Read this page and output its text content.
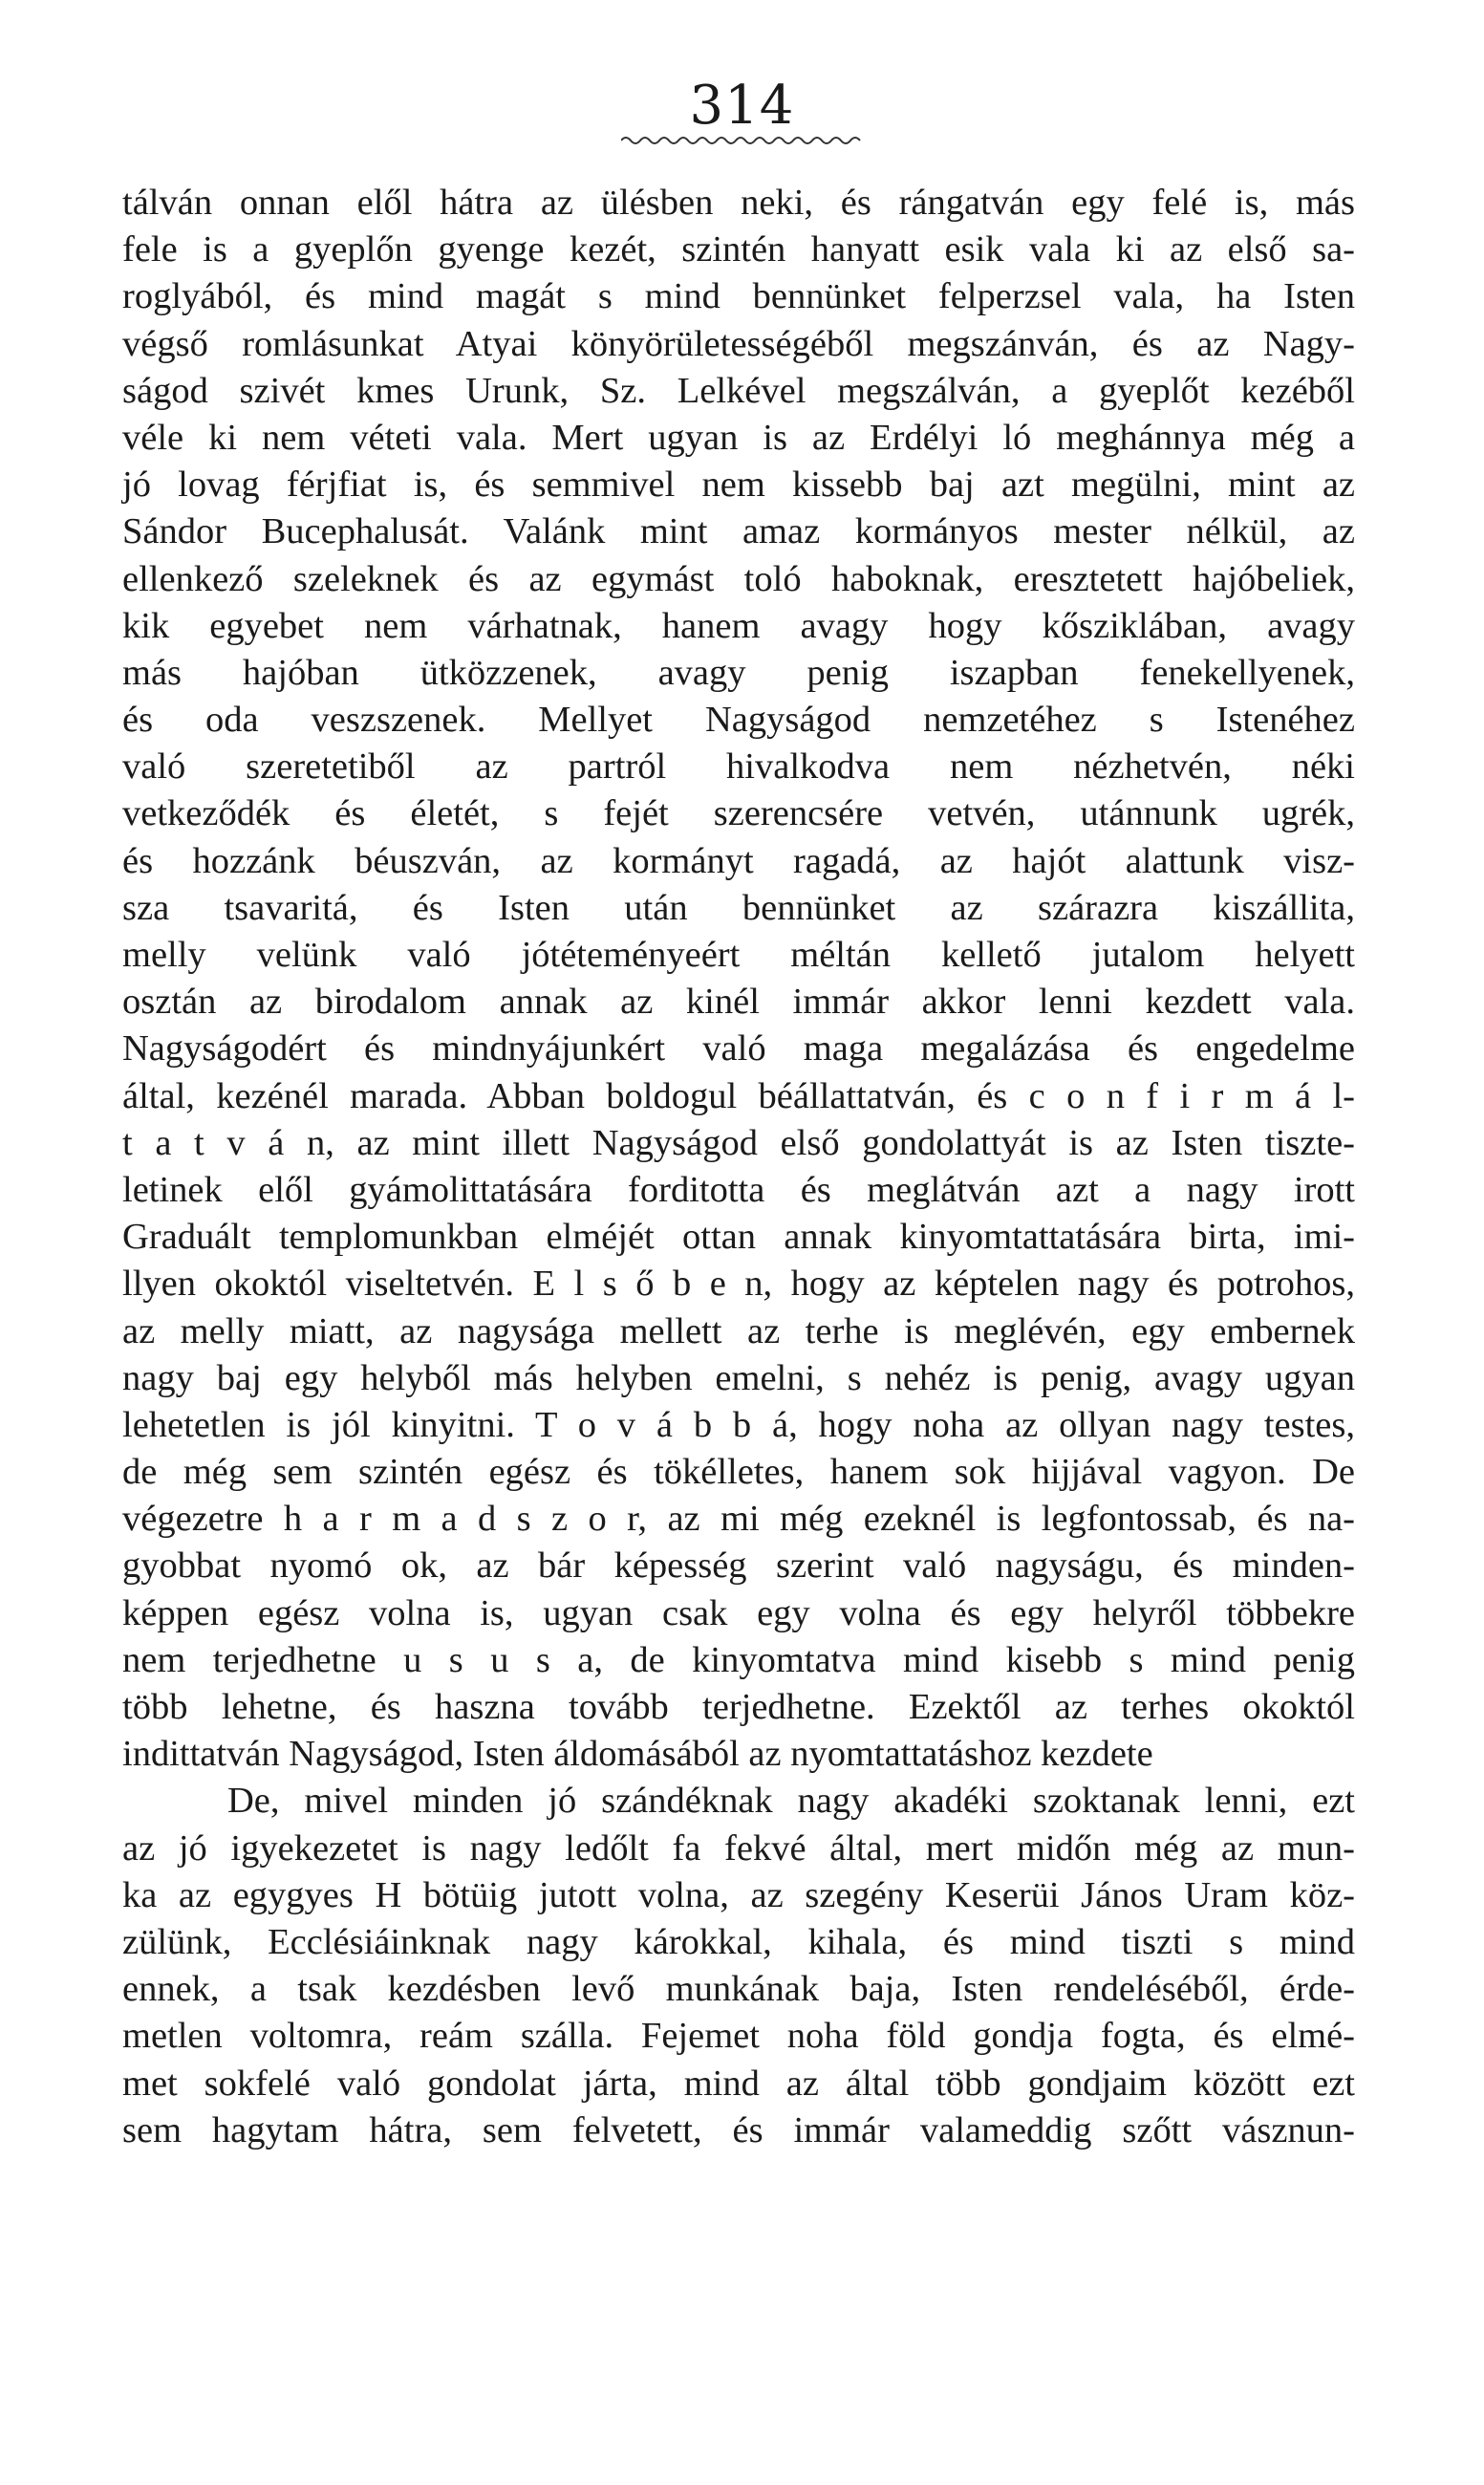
314
tálván onnan elől hátra az ülésben neki, és rángatván egy felé is, más
fele is a gyeplőn gyenge kezét, szintén hanyatt esik vala ki az első sa-
roglyából, és mind magát s mind bennünket felperzsel vala, ha Isten
végső romlásunkat Atyai könyörületességéből megszánván, és az Nagy-
ságod szivét kmes Urunk, Sz. Lelkével megszálván, a gyeplőt kezéből
véle ki nem véteti vala. Mert ugyan is az Erdélyi ló meghánnya még a
jó lovag férjfiat is, és semmivel nem kissebb baj azt megülni, mint az
Sándor Bucephalusát. Valánk mint amaz kormányos mester nélkül, az
ellenkező szeleknek és az egymást toló haboknak, eresztetett hajóbeliek,
kik egyebet nem várhatnak, hanem avagy hogy kősziklában, avagy
más hajóban ütközzenek, avagy penig iszapban fenekellyenek,
és oda veszszenek. Mellyet Nagyságod nemzetéhez s Istenéhez
való szeretetiből az partról hivalkodva nem nézhetvén, néki
vetkeződék és életét, s fejét szerencsére vetvén, utánnunk ugrék,
és hozzánk béuszván, az kormányt ragadá, az hajót alattunk visz-
sza tsavaritá, és Isten után bennünket az szárazra kiszállita,
melly velünk való jótéteményeért méltán kellető jutalom helyett
osztán az birodalom annak az kinél immár akkor lenni kezdett vala.
Nagyságodért és mindnyájunkért való maga megalázása és engedelme
által, kezénél marada. Abban boldogul béállattatván, és c o n f i r m á l-
t a t v á n, az mint illett Nagyságod első gondolattyát is az Isten tiszte-
letinek elől gyámolittatására forditotta és meglátván azt a nagy irott
Graduált templomunkban elméjét ottan annak kinyomtattatására birta, imi-
llyen okoktól viseltetvén. E l s ő b e n, hogy az képtelen nagy és potrohos,
az melly miatt, az nagysága mellett az terhe is meglévén, egy embernek
nagy baj egy helyből más helyben emelni, s nehéz is penig, avagy ugyan
lehetetlen is jól kinyitni. T o v á b b á, hogy noha az ollyan nagy testes,
de még sem szintén egész és tökélletes, hanem sok hijjával vagyon. De
végezetre h a r m a d s z o r, az mi még ezeknél is legfontossab, és na-
gyobbat nyomó ok, az bár képesség szerint való nagyságu, és minden-
képpen egész volna is, ugyan csak egy volna és egy helyről többekre
nem terjedhetne u s u s a, de kinyomtatva mind kisebb s mind penig
több lehetne, és haszna tovább terjedhetne. Ezektől az terhes okoktól
indittatván Nagyságod, Isten áldomásából az nyomtattatáshoz kezdete
De, mivel minden jó szándéknak nagy akadéki szoktanak lenni, ezt
az jó igyekezetet is nagy ledőlt fa fekvé által, mert midőn még az mun-
ka az egygyes H bötüig jutott volna, az szegény Keserüi János Uram köz-
zülünk, Ecclésiáinknak nagy károkkal, kihala, és mind tiszti s mind
ennek, a tsak kezdésben levő munkának baja, Isten rendeléséből, érde-
metlen voltomra, reám szálla. Fejemet noha föld gondja fogta, és elmé-
met sokfelé való gondolat járta, mind az által több gondjaim között ezt
sem hagytam hátra, sem felvetett, és immár valameddig szőtt vásznun-
